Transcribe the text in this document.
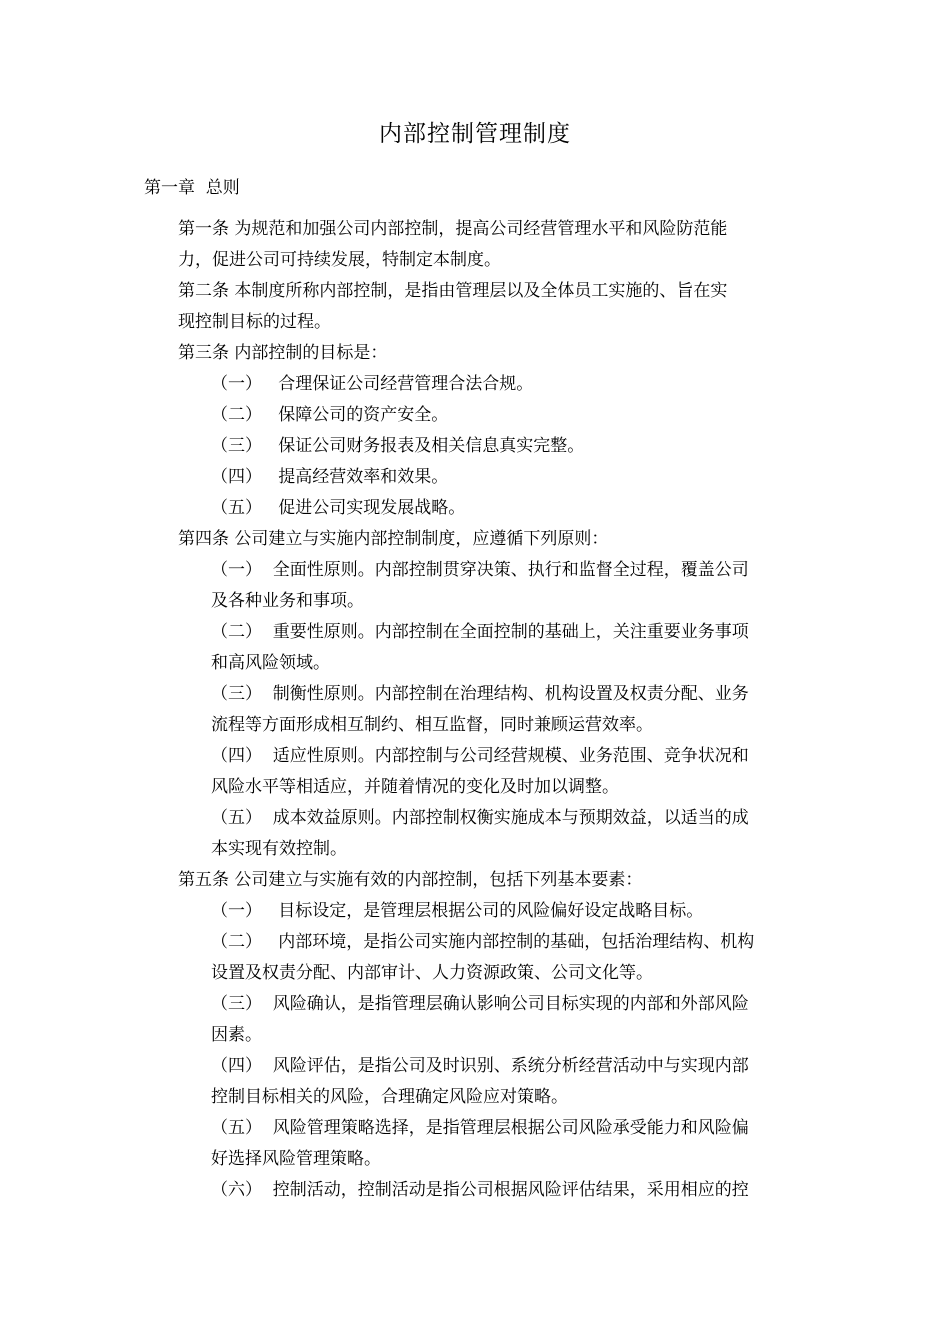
内部控制管理制度
第一章  总则

第一条 为规范和加强公司内部控制，提高公司经营管理水平和风险防范能

力，促进公司可持续发展，特制定本制度。

第二条 本制度所称内部控制，是指由管理层以及全体员工实施的、旨在实

现控制目标的过程。

第三条 内部控制的目标是：

（一）   合理保证公司经营管理合法合规。

（二）   保障公司的资产安全。

（三）   保证公司财务报表及相关信息真实完整。

（四）   提高经营效率和效果。

（五）   促进公司实现发展战略。

第四条 公司建立与实施内部控制制度，应遵循下列原则：

（一）  全面性原则。内部控制贯穿决策、执行和监督全过程，覆盖公司

及各种业务和事项。

（二）  重要性原则。内部控制在全面控制的基础上，关注重要业务事项

和高风险领域。

（三）  制衡性原则。内部控制在治理结构、机构设置及权责分配、业务

流程等方面形成相互制约、相互监督，同时兼顾运营效率。

（四）  适应性原则。内部控制与公司经营规模、业务范围、竞争状况和

风险水平等相适应，并随着情况的变化及时加以调整。

（五）  成本效益原则。内部控制权衡实施成本与预期效益，以适当的成

本实现有效控制。

第五条 公司建立与实施有效的内部控制，包括下列基本要素：

（一）   目标设定，是管理层根据公司的风险偏好设定战略目标。

（二）   内部环境，是指公司实施内部控制的基础，包括治理结构、机构

设置及权责分配、内部审计、人力资源政策、公司文化等。

（三）  风险确认，是指管理层确认影响公司目标实现的内部和外部风险

因素。

（四）  风险评估，是指公司及时识别、系统分析经营活动中与实现内部

控制目标相关的风险，合理确定风险应对策略。

（五）  风险管理策略选择，是指管理层根据公司风险承受能力和风险偏

好选择风险管理策略。

（六）  控制活动，控制活动是指公司根据风险评估结果，采用相应的控
